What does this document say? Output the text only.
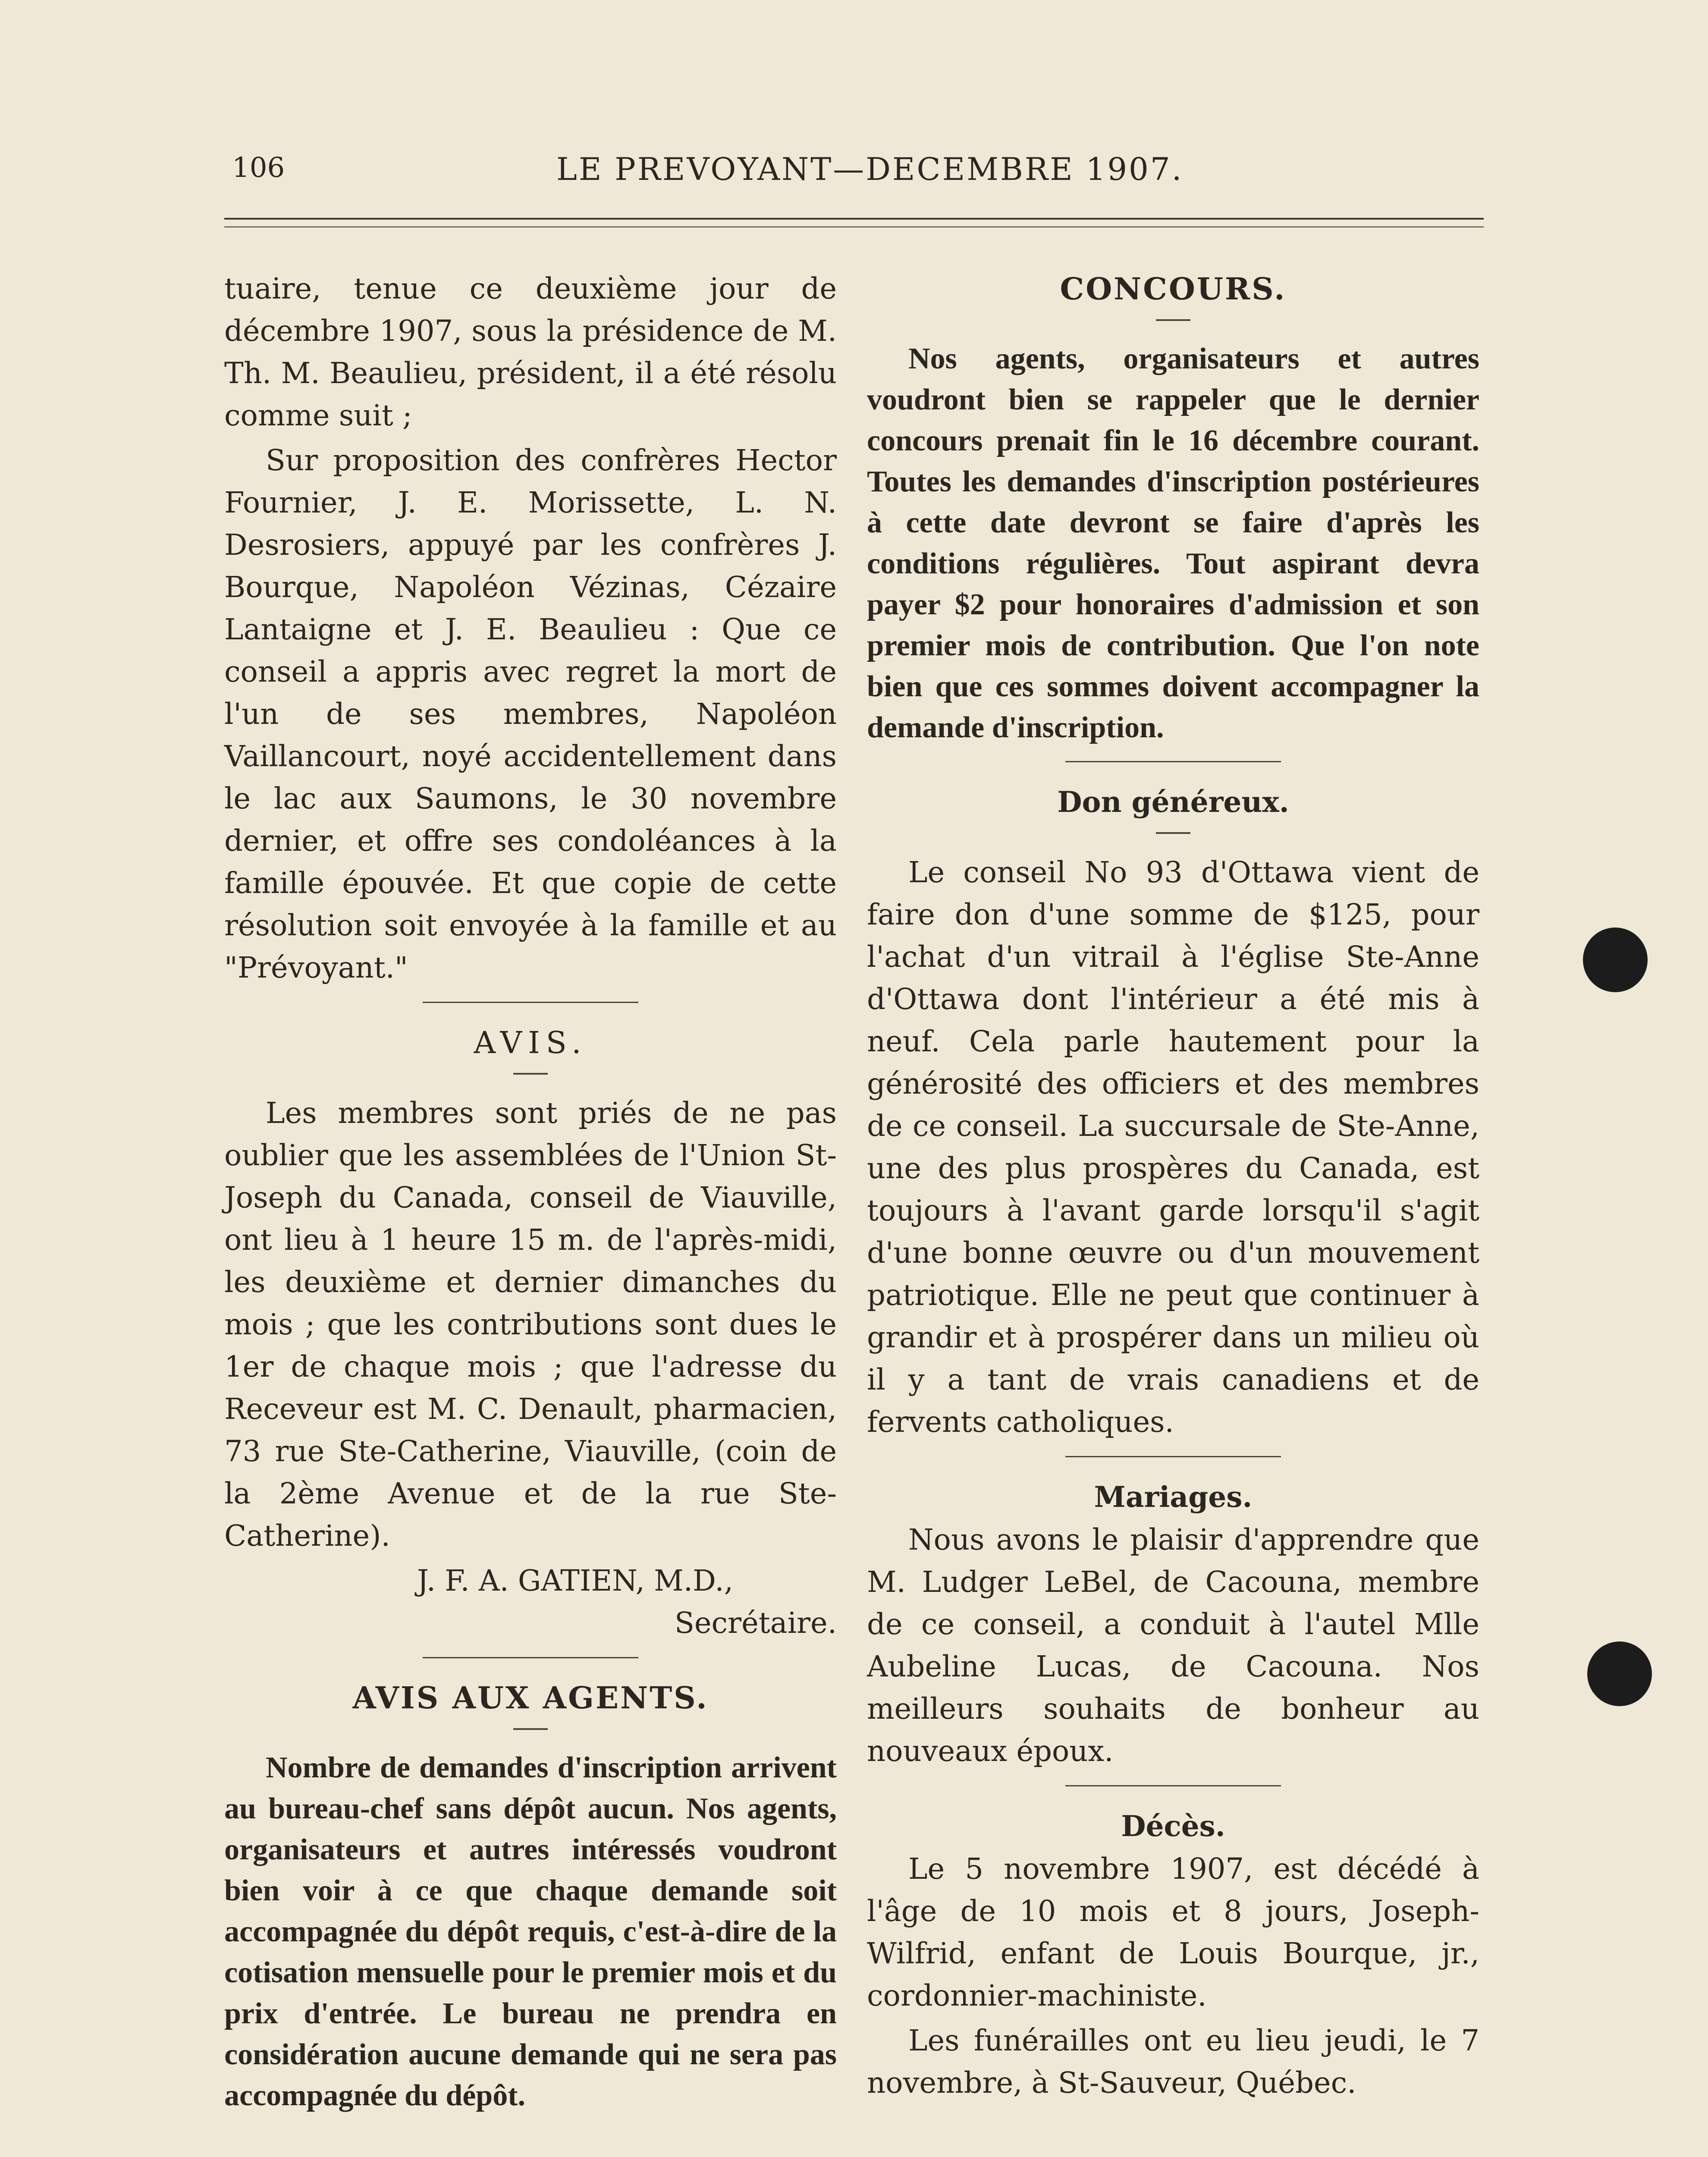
106	LE PREVOYANT—DECEMBRE 1907.

tuaire, tenue ce deuxième jour de décembre 1907, sous la présidence de M. Th. M. Beaulieu, président, il a été résolu comme suit ;

Sur proposition des confrères Hector Fournier, J. E. Morissette, L. N. Desrosiers, appuyé par les confrères J. Bourque, Napoléon Vézinas, Cézaire Lantaigne et J. E. Beaulieu : Que ce conseil a appris avec regret la mort de l'un de ses membres, Napoléon Vaillancourt, noyé accidentellement dans le lac aux Saumons, le 30 novembre dernier, et offre ses condoléances à la famille épouvée. Et que copie de cette résolution soit envoyée à la famille et au "Prévoyant."

AVIS.

Les membres sont priés de ne pas oublier que les assemblées de l'Union St-Joseph du Canada, conseil de Viauville, ont lieu à 1 heure 15 m. de l'après-midi, les deuxième et dernier dimanches du mois ; que les contributions sont dues le 1er de chaque mois ; que l'adresse du Receveur est M. C. Denault, pharmacien, 73 rue Ste-Catherine, Viauville, (coin de la 2ème Avenue et de la rue Ste-Catherine).

J. F. A. GATIEN, M.D.,

Secrétaire.

AVIS AUX AGENTS.

Nombre de demandes d'inscription arrivent au bureau-chef sans dépôt aucun. Nos agents, organisateurs et autres intéressés voudront bien voir à ce que chaque demande soit accompagnée du dépôt requis, c'est-à-dire de la cotisation mensuelle pour le premier mois et du prix d'entrée. Le bureau ne prendra en considération aucune demande qui ne sera pas accompagnée du dépôt.

CONCOURS.

Nos agents, organisateurs et autres voudront bien se rappeler que le dernier concours prenait fin le 16 décembre courant. Toutes les demandes d'inscription postérieures à cette date devront se faire d'après les conditions régulières. Tout aspirant devra payer $2 pour honoraires d'admission et son premier mois de contribution. Que l'on note bien que ces sommes doivent accompagner la demande d'inscription.

Don généreux.

Le conseil No 93 d'Ottawa vient de faire don d'une somme de $125, pour l'achat d'un vitrail à l'église Ste-Anne d'Ottawa dont l'intérieur a été mis à neuf. Cela parle hautement pour la générosité des officiers et des membres de ce conseil. La succursale de Ste-Anne, une des plus prospères du Canada, est toujours à l'avant garde lorsqu'il s'agit d'une bonne œuvre ou d'un mouvement patriotique. Elle ne peut que continuer à grandir et à prospérer dans un milieu où il y a tant de vrais canadiens et de fervents catholiques.

Mariages.

Nous avons le plaisir d'apprendre que M. Ludger LeBel, de Cacouna, membre de ce conseil, a conduit à l'autel Mlle Aubeline Lucas, de Cacouna. Nos meilleurs souhaits de bonheur au nouveaux époux.

Décès.

Le 5 novembre 1907, est décédé à l'âge de 10 mois et 8 jours, Joseph-Wilfrid, enfant de Louis Bourque, jr., cordonnier-machiniste.

Les funérailles ont eu lieu jeudi, le 7 novembre, à St-Sauveur, Québec.
